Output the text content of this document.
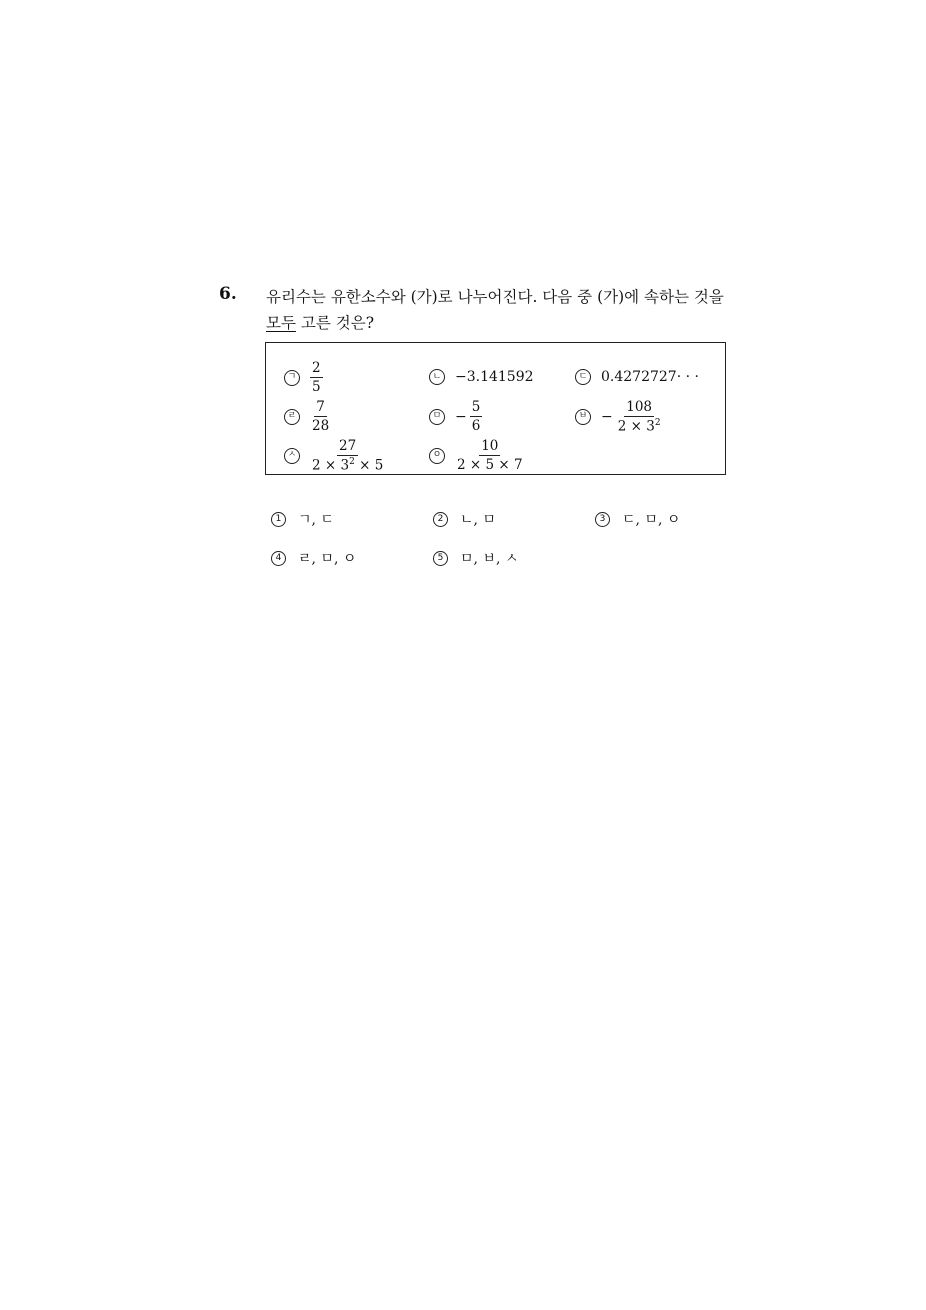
6. 유리수는 유한소수와 (가)로 나누어진다. 다음 중 (가)에 속하는 것을
모두 고른 것은?
ㄱ $\frac{2}{5}$	ㄴ −3.141592	ㄷ 0.4272727· · ·
ㄹ $\frac{7}{28}$	ㅁ − $\frac{5}{6}$	ㅂ − $\frac{108}{2 \times 3^2}$
ㅅ $\frac{27}{2 \times 3^2 \times 5}$	ㅇ $\frac{10}{2 \times 5 \times 7}$
1	ㄱ, ㄷ	2	ㄴ, ㅁ	3	ㄷ, ㅁ, ㅇ
4	ㄹ, ㅁ, ㅇ	5	ㅁ, ㅂ, ㅅ
